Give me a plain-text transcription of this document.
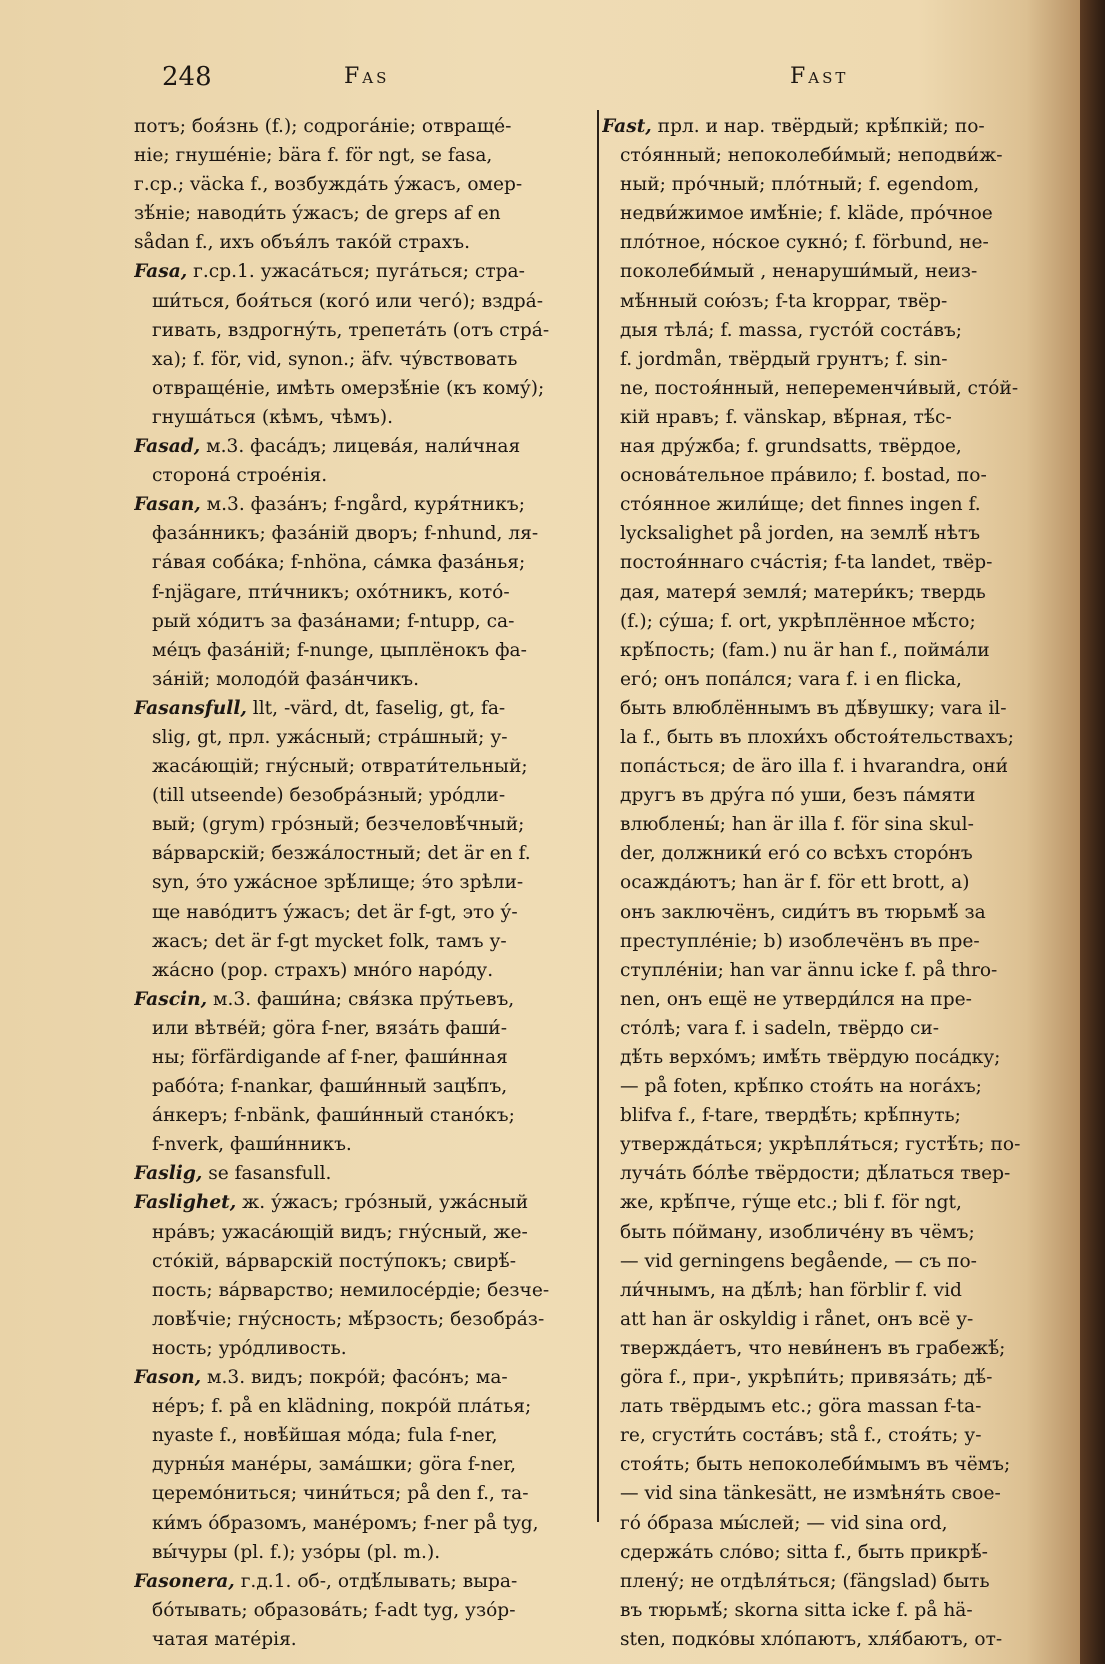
248	Fas	Fast
потъ; боя́знь (f.); содрога́ніе; отвраще́-
ніе; гнуше́ніе; bära f. för ngt, se fasa,
г.ср.; väcka f., возбужда́ть у́жасъ, омер-
зѣ́ніе; наводи́ть у́жасъ; de greps af en
sådan f., ихъ объя́лъ тако́й страхъ.
Fasa, г.ср.1. ужаса́ться; пуга́ться; стра-
ши́ться, боя́ться (кого́ или чего́); вздра́-
гивать, вздрогну́ть, трепета́ть (отъ стра́-
ха); f. för, vid, synon.; äfv. чу́вствовать
отвраще́ніе, имѣть омерзѣ́ніе (къ кому́);
гнуша́ться (кѣмъ, чѣмъ).
Fasad, м.3. фаса́дъ; лицева́я, нали́чная
сторона́ строе́нія.
Fasan, м.3. фаза́нъ; f-ngård, куря́тникъ;
фаза́нникъ; фаза́ній дворъ; f-nhund, ля-
га́вая соба́ка; f-nhöna, са́мка фаза́нья;
f-njägare, пти́чникъ; охо́тникъ, кото́-
рый хо́дитъ за фаза́нами; f-ntupp, са-
мéцъ фаза́ній; f-nunge, цыплёнокъ фа-
за́ній; молодо́й фаза́нчикъ.
Fasansfull, llt, -värd, dt, faselig, gt, fa-
slig, gt, прл. ужа́сный; стра́шный; у-
жаса́ющій; гну́сный; отврати́тельный;
(till utseende) безобра́зный; уро́дли-
вый; (grym) гро́зный; безчеловѣ́чный;
ва́рварскій; безжа́лостный; det är en f.
syn, э́то ужа́сное зрѣ́лище; э́то зрѣли-
ще наво́дитъ у́жасъ; det är f-gt, это у́-
жасъ; det är f-gt mycket folk, тамъ у-
жа́сно (рор. страхъ) мно́го наро́ду.
Fascin, м.3. фаши́на; свя́зка пру́тьевъ,
или вѣтве́й; göra f-ner, вяза́ть фаши́-
ны; förfärdigande af f-ner, фаши́нная
рабо́та; f-nankar, фаши́нный зацѣ́пъ,
а́нкеръ; f-nbänk, фаши́нный стано́къ;
f-nverk, фаши́нникъ.
Faslig, se fasansfull.
Faslighet, ж. у́жасъ; гро́зный, ужа́сный
нра́въ; ужаса́ющій видъ; гну́сный, же-
сто́кій, ва́рварскій посту́покъ; свирѣ́-
пость; ва́рварство; немилосе́рдіе; безче-
ловѣ́чіе; гну́сность; мѣ́рзость; безобра́з-
ность; уро́дливость.
Fason, м.3. видъ; покро́й; фасо́нъ; ма-
нéръ; f. på en klädning, покро́й пла́тья;
nyaste f., новѣ́йшая мо́да; fula f-ner,
дурны́я мане́ры, зама́шки; göra f-ner,
церемо́ниться; чини́ться; på den f., та-
ки́мъ о́бразомъ, мане́ромъ; f-ner på tyg,
вы́чуры (pl. f.); узо́ры (pl. m.).
Fasonera, г.д.1. об-, отдѣ́лывать; выра-
бо́тывать; образова́ть; f-adt tyg, узо́р-
чатая матéрія.
Fast, прл. и нар. твёрдый; крѣ́пкій; по-
сто́янный; непоколеби́мый; неподви́ж-
ный; про́чный; пло́тный; f. egendom,
недви́жимое имѣ́ніе; f. kläde, про́чное
пло́тное, но́ское сукно́; f. förbund, не-
поколеби́мый , ненаруши́мый, неиз-
мѣ́нный сою́зъ; f-ta kroppar, твёр-
дыя тѣла́; f. massa, густо́й соста́въ;
f. jordmån, твёрдый грунтъ; f. sin-
ne, постоя́нный, непеременчи́вый, сто́й-
кій нравъ; f. vänskap, вѣ́рная, тѣ́с-
ная дру́жба; f. grundsatts, твёрдое,
основа́тельное пра́вило; f. bostad, по-
сто́янное жили́ще; det finnes ingen f.
lycksalighet på jorden, на землѣ́ нѣтъ
постоя́ннаго сча́стія; f-ta landet, твёр-
дая, матеря́ земля́; матери́къ; твердь
(f.); су́ша; f. ort, укрѣплённое мѣ́сто;
крѣ́пость; (fam.) nu är han f., пойма́ли
его́; онъ попа́лся; vara f. i en flicka,
быть влюблённымъ въ дѣ́вушку; vara il-
la f., быть въ плохи́хъ обстоя́тельствахъ;
попа́сться; de äro illa f. i hvarandra, они́
другъ въ дру́га по́ уши, безъ па́мяти
влюблены́; han är illa f. för sina skul-
der, должники́ его́ со всѣхъ сторо́нъ
осажда́ютъ; han är f. för ett brott, a)
онъ заключёнъ, сиди́тъ въ тюрьмѣ́ за
преступле́ніе; b) изоблечёнъ въ пре-
ступле́ніи; han var ännu icke f. på thro-
nen, онъ ещё не утверди́лся на пре-
сто́лѣ; vara f. i sadeln, твёрдо си-
дѣ́ть верхо́мъ; имѣ́ть твёрдую поса́дку;
— på foten, крѣ́пко стоя́ть на нога́хъ;
blifva f., f-tare, твердѣ́ть; крѣ́пнуть;
утвержда́ться; укрѣпля́ться; густѣ́ть; по-
луча́ть бо́лѣе твёрдости; дѣ́латься твер-
же, крѣ́пче, гу́ще etc.; bli f. för ngt,
быть по́йману, изобличе́ну въ чёмъ;
— vid gerningens begående, — съ по-
ли́чнымъ, на дѣ́лѣ; han förblir f. vid
att han är oskyldig i rånet, онъ всё у-
твержда́етъ, что неви́ненъ въ грабежѣ́;
göra f., при-, укрѣпи́ть; привяза́ть; дѣ́-
лать твёрдымъ etc.; göra massan f-ta-
re, сгусти́ть соста́въ; stå f., стоя́ть; у-
стоя́ть; быть непоколеби́мымъ въ чёмъ;
— vid sina tänkesätt, не измѣня́ть свое-
го́ о́браза мы́слей; — vid sina ord,
сдержа́ть сло́во; sitta f., быть прикрѣ́-
плену́; не отдѣля́ться; (fängslad) быть
въ тюрьмѣ́; skorna sitta icke f. på hä-
sten, подко́вы хло́паютъ, хля́баютъ, от-
